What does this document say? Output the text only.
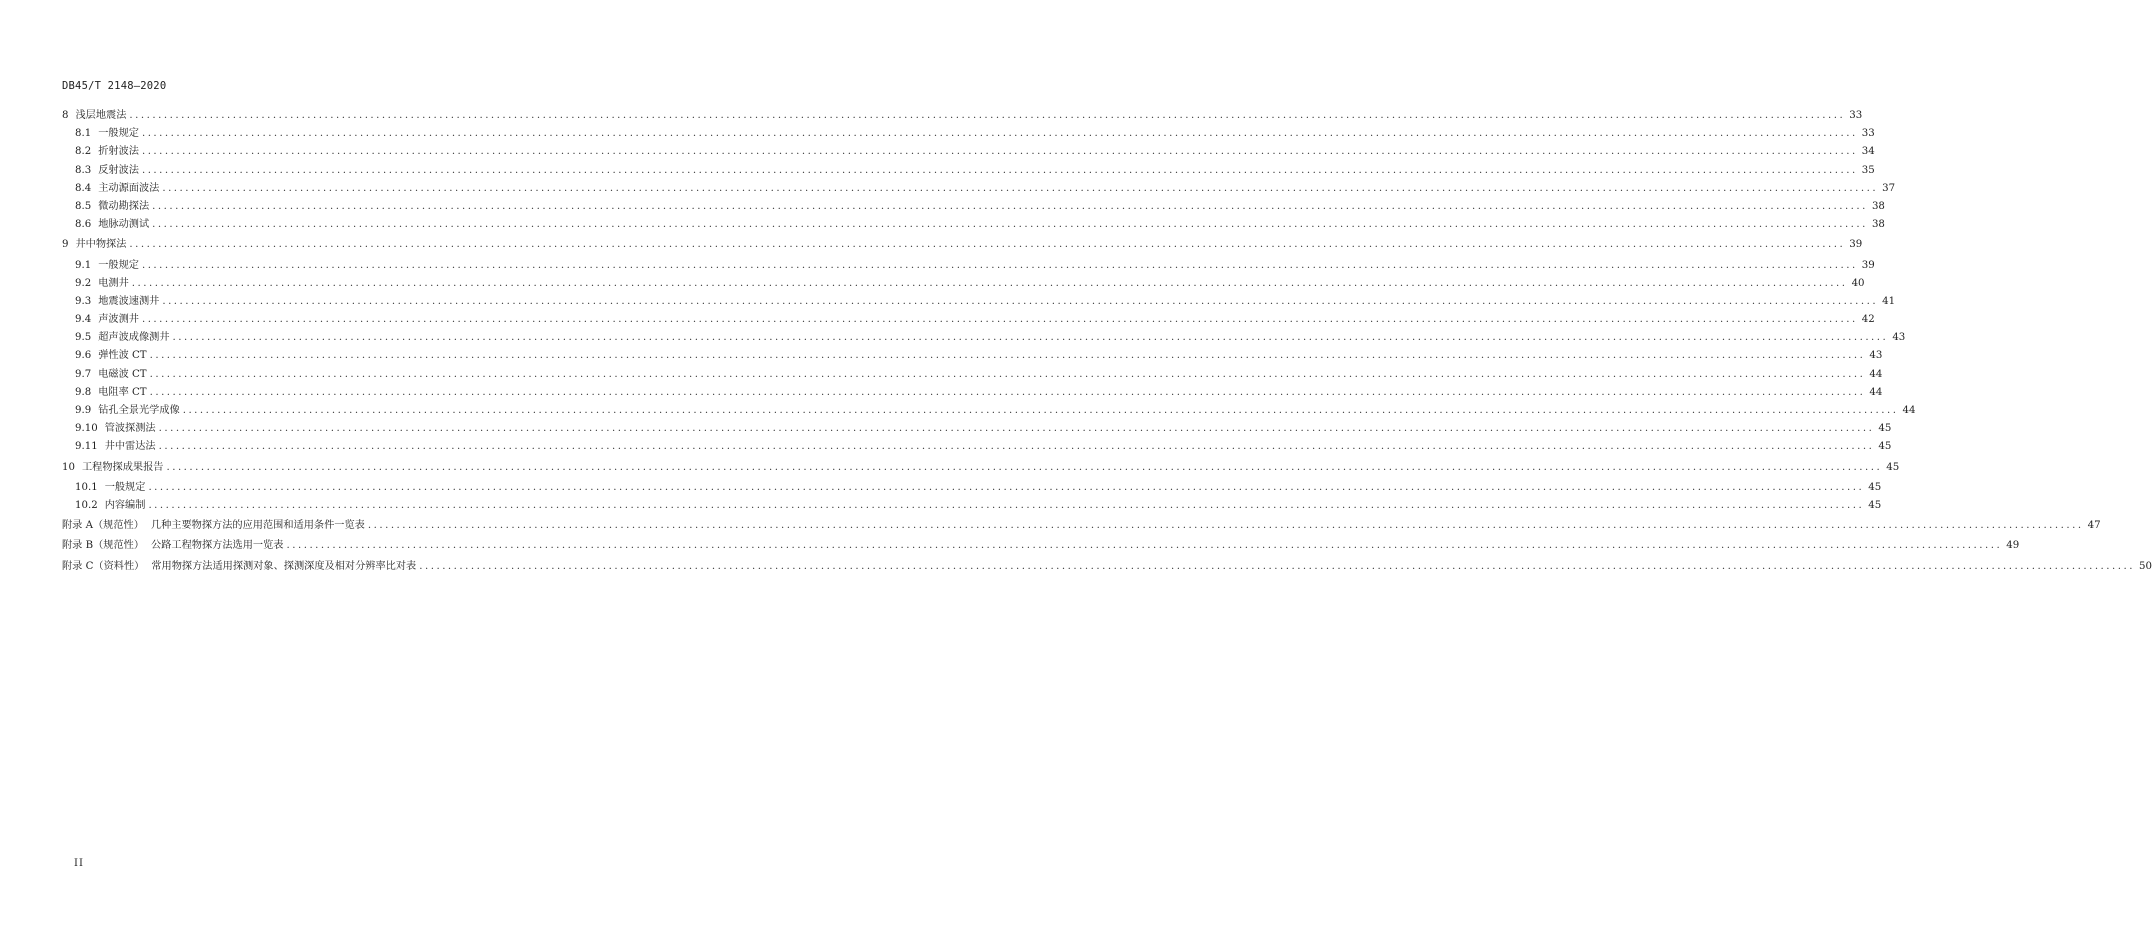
DB45/T 2148—2020
8 浅层地震法 .....	33
8.1 一般规定 .....	33
8.2 折射波法 .....	34
8.3 反射波法 .....	35
8.4 主动源面波法 .....	37
8.5 微动勘探法 .....	38
8.6 地脉动测试 .....	38
9 井中物探法 .....	39
9.1 一般规定 .....	39
9.2 电测井 .....	40
9.3 地震波速测井 .....	41
9.4 声波测井 .....	42
9.5 超声波成像测井 .....	43
9.6 弹性波 CT .....	43
9.7 电磁波 CT .....	44
9.8 电阻率 CT .....	44
9.9 钻孔全景光学成像 .....	44
9.10 管波探测法 .....	45
9.11 井中雷达法 .....	45
10 工程物探成果报告 .....	45
10.1 一般规定 .....	45
10.2 内容编制 .....	45
附录 A（规范性） 几种主要物探方法的应用范围和适用条件一览表 .....	47
附录 B（规范性） 公路工程物探方法选用一览表 .....	49
附录 C（资料性） 常用物探方法适用探测对象、探测深度及相对分辨率比对表 .....	50
II
